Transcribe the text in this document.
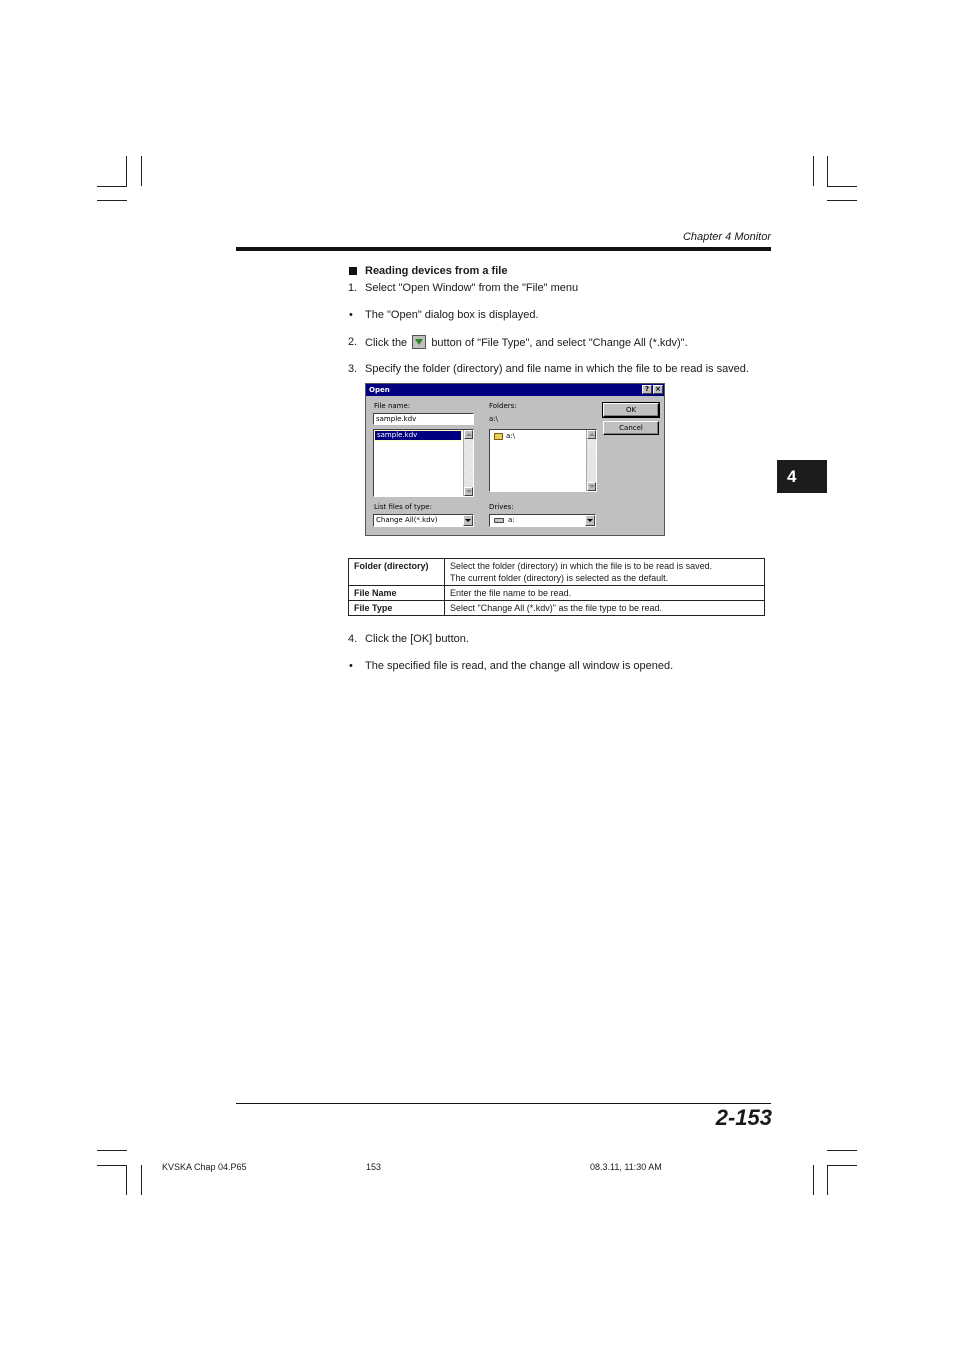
Chapter 4 Monitor
4
Reading devices from a file
1. Select "Open Window" from the "File" menu
• The "Open" dialog box is displayed.
2. Click the button of "File Type", and select "Change All (*.kdv)".
3. Specify the folder (directory) and file name in which the file to be read is saved.
Open	? ×
File name:
sample.kdv
sample.kdv
Folders:
a:\
a:\
OK
Cancel
List files of type:
Change All(*.kdv)
Drives:
a:
Folder (directory)	Select the folder (directory) in which the file is to be read is saved.
The current folder (directory) is selected as the default.

File Name	Enter the file name to be read.
File Type	Select "Change All (*.kdv)" as the file type to be read.
4. Click the [OK] button.
• The specified file is read, and the change all window is opened.
2-153
KVSKA Chap 04.P65	153	08.3.11, 11:30 AM
